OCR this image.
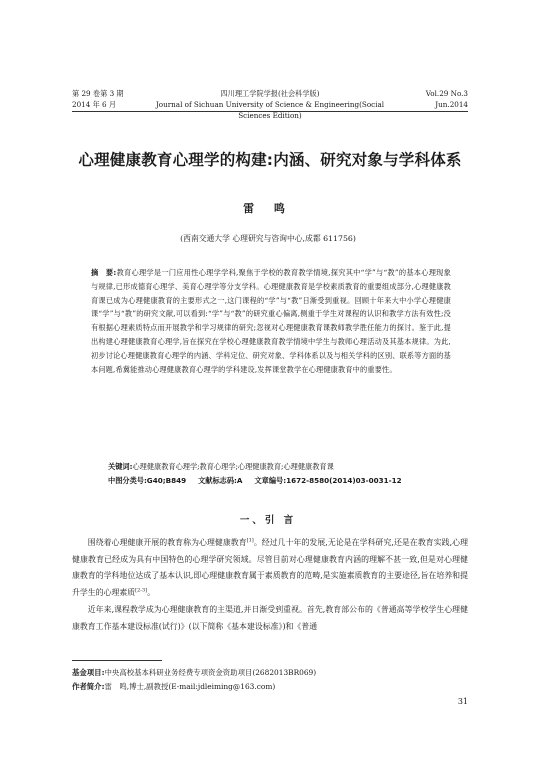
第 29 卷第 3 期	四川理工学院学报(社会科学版)	Vol.29 No.3
2014 年 6 月	Journal of Sichuan University of Science & Engineering(Social Sciences Edition)
Jun.2014
心理健康教育心理学的构建:内涵、研究对象与学科体系
雷 鸣
(西南交通大学 心理研究与咨询中心,成都 611756)
摘　要:教育心理学是一门应用性心理学学科,聚焦于学校的教育教学情境,探究其中“学”与“教”的基本心理现象与规律,已形成德育心理学、美育心理学等分支学科。心理健康教育是学校素质教育的重要组成部分,心理健康教育课已成为心理健康教育的主要形式之一,这门课程的“学”与“教”日渐受到重视。回顾十年来大中小学心理健康课“学”与“教”的研究文献,可以看到:“学”与“教”的研究重心偏离,侧重于学生对课程的认识和教学方法有效性;没有根据心理素质特点而开展教学和学习规律的研究;忽视对心理健康教育课教师教学胜任能力的探讨。鉴于此,提出构建心理健康教育心理学,旨在探究在学校心理健康教育教学情境中学生与教师心理活动及其基本规律。为此,初步讨论心理健康教育心理学的内涵、学科定位、研究对象、学科体系以及与相关学科的区别、联系等方面的基本问题,希冀能推动心理健康教育心理学的学科建设,发挥课堂教学在心理健康教育中的重要性。
关键词:心理健康教育心理学;教育心理学;心理健康教育;心理健康教育课
中图分类号:G40;B849 文献标志码:A 文章编号:1672-8580(2014)03-0031-12
一、引 言

围绕着心理健康开展的教育称为心理健康教育[1]。经过几十年的发展,无论是在学科研究,还是在教育实践,心理健康教育已经成为具有中国特色的心理学研究领域。尽管目前对心理健康教育内涵的理解不甚一致,但是对心理健康教育的学科地位达成了基本认识,即心理健康教育属于素质教育的范畴,是实施素质教育的主要途径,旨在培养和提升学生的心理素质[2-3]。

近年来,课程教学成为心理健康教育的主渠道,并日渐受到重视。首先,教育部公布的《普通高等学校学生心理健康教育工作基本建设标准(试行)》(以下简称《基本建设标准》)和《普通

基金项目:中央高校基本科研业务经费专项资金资助项目(2682013BR069)
作者简介:雷　鸣,博士,副教授(E-mail:jdleiming@163.com)
31
